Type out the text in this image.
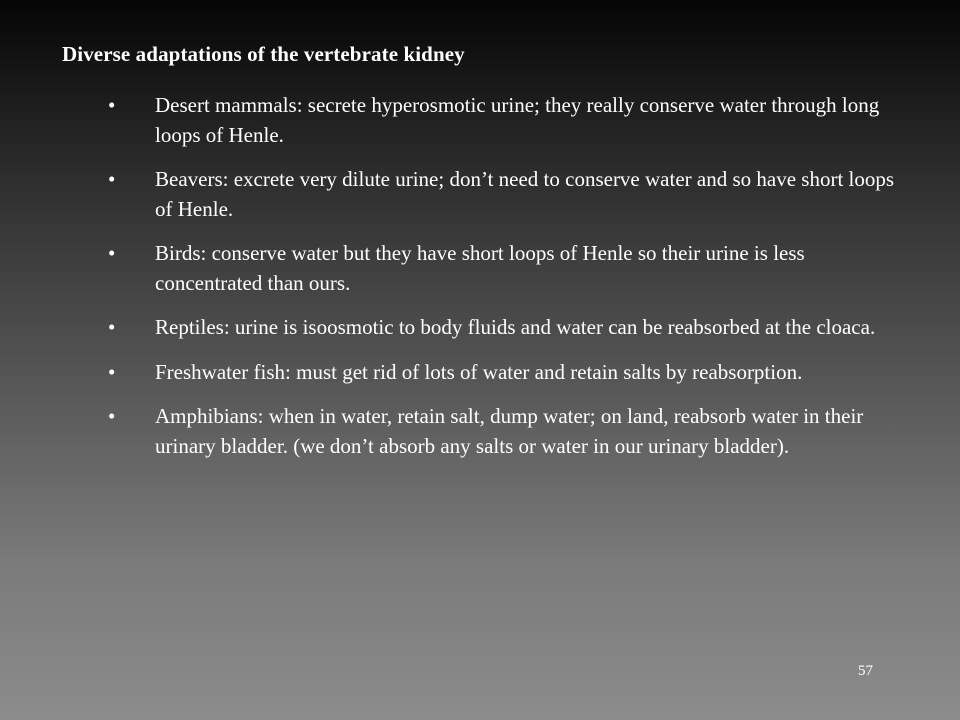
Diverse adaptations of the vertebrate kidney
• Desert mammals: secrete hyperosmotic urine; they really conserve water through long loops of Henle.
• Beavers: excrete very dilute urine; don’t need to conserve water and so have short loops of Henle.
• Birds: conserve water but they have short loops of Henle so their urine is less concentrated than ours.
• Reptiles: urine is isoosmotic to body fluids and water can be reabsorbed at the cloaca.
• Freshwater fish: must get rid of lots of water and retain salts by reabsorption.
• Amphibians: when in water, retain salt, dump water; on land, reabsorb water in their urinary bladder. (we don’t absorb any salts or water in our urinary bladder).
57
